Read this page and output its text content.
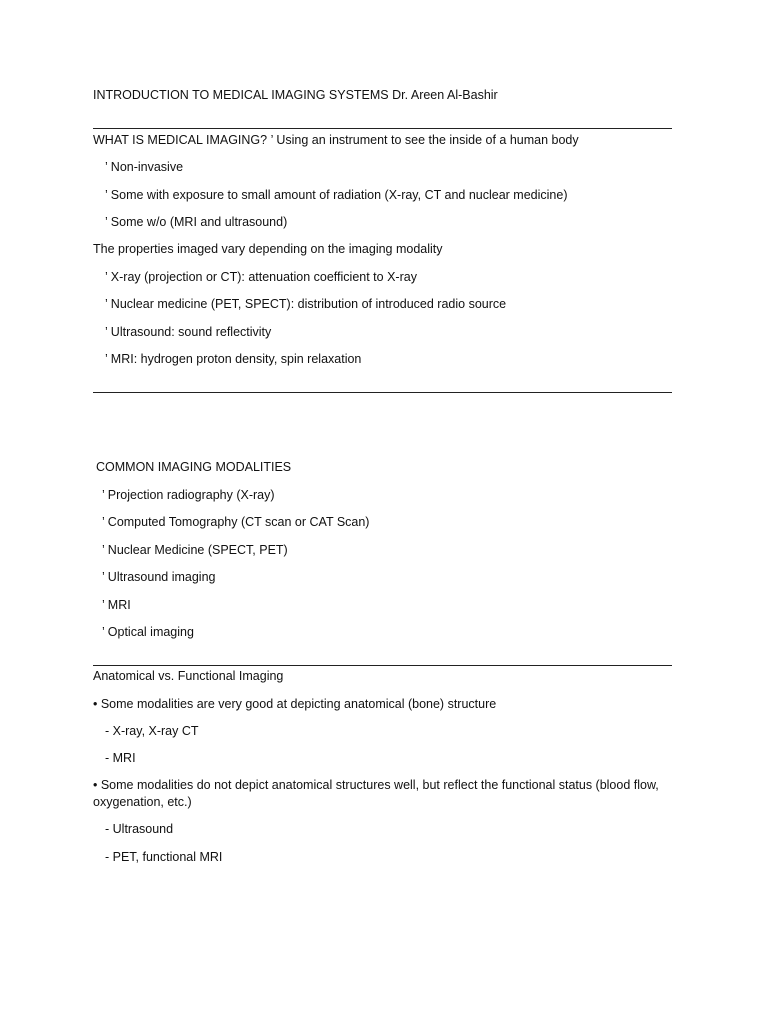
INTRODUCTION TO MEDICAL IMAGING SYSTEMS Dr. Areen Al-Bashir
WHAT IS MEDICAL IMAGING? ’ Using an instrument to see the inside of a human body
’ Non-invasive
’ Some with exposure to small amount of radiation (X-ray, CT and nuclear medicine)
’ Some w/o (MRI and ultrasound)
The properties imaged vary depending on the imaging modality
’ X-ray (projection or CT): attenuation coefficient to X-ray
’ Nuclear medicine (PET, SPECT): distribution of introduced radio source
’ Ultrasound: sound reflectivity
’ MRI: hydrogen proton density, spin relaxation
COMMON IMAGING MODALITIES
’ Projection radiography (X-ray)
’ Computed Tomography (CT scan or CAT Scan)
’ Nuclear Medicine (SPECT, PET)
’ Ultrasound imaging
’ MRI
’ Optical imaging
Anatomical vs. Functional Imaging
• Some modalities are very good at depicting anatomical (bone) structure
- X-ray, X-ray CT
- MRI
• Some modalities do not depict anatomical structures well, but reflect the functional status (blood flow, oxygenation, etc.)
- Ultrasound
- PET, functional MRI
